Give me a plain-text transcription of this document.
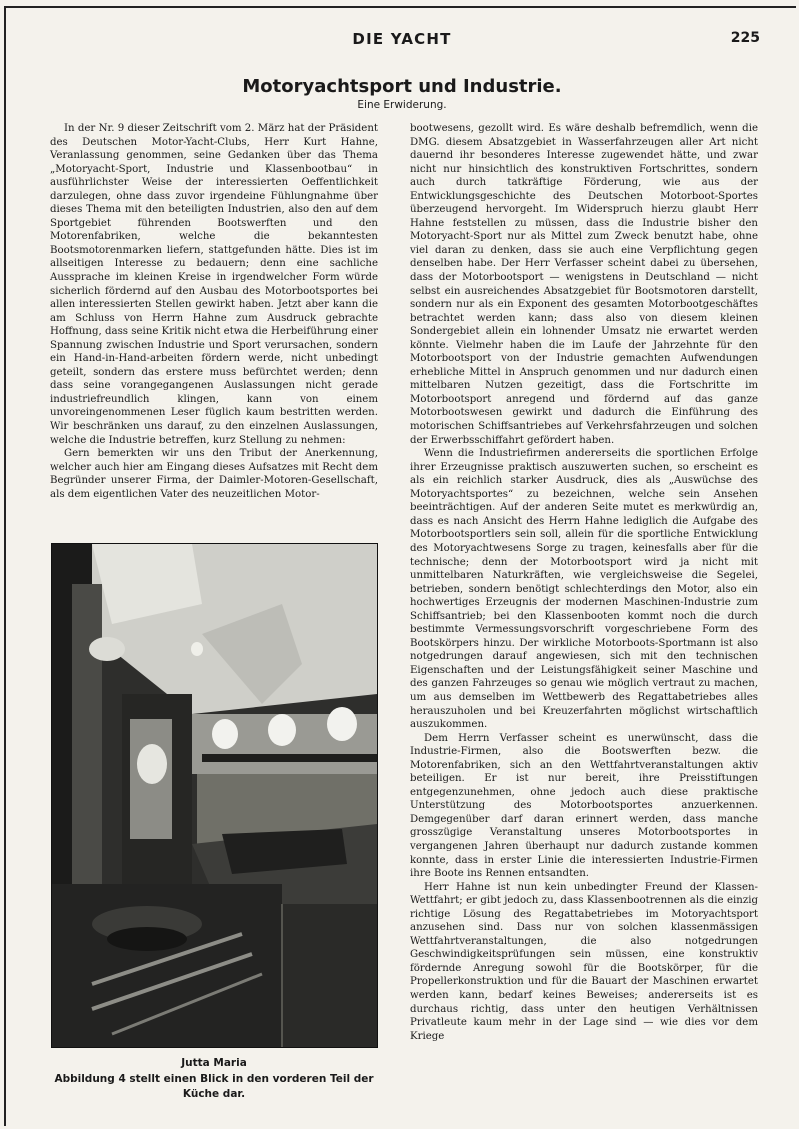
DIE YACHT	225
Motoryachtsport und Industrie.
Eine Erwiderung.

In der Nr. 9 dieser Zeitschrift vom 2. März hat der Präsident des Deutschen Motor-Yacht-Clubs, Herr Kurt Hahne, Veranlassung genommen, seine Gedanken über das Thema „Motoryacht-Sport, Industrie und Klassenbootbau“ in ausführlichster Weise der interessierten Oeffentlichkeit darzulegen, ohne dass zuvor irgendeine Fühlungnahme über dieses Thema mit den beteiligten Industrien, also den auf dem Sportgebiet führenden Bootswerften und den Motorenfabriken, welche die bekanntesten Bootsmotorenmarken liefern, stattgefunden hätte. Dies ist im allseitigen Interesse zu bedauern; denn eine sachliche Aussprache im kleinen Kreise in irgendwelcher Form würde sicherlich fördernd auf den Ausbau des Motorbootsportes bei allen interessierten Stellen gewirkt haben. Jetzt aber kann die am Schluss von Herrn Hahne zum Ausdruck gebrachte Hoffnung, dass seine Kritik nicht etwa die Herbeiführung einer Spannung zwischen Industrie und Sport verursachen, sondern ein Hand-in-Hand-arbeiten fördern werde, nicht unbedingt geteilt, sondern das erstere muss befürchtet werden; denn dass seine vorangegangenen Auslassungen nicht gerade industriefreundlich klingen, kann von einem unvoreingenommenen Leser füglich kaum bestritten werden. Wir beschränken uns darauf, zu den einzelnen Auslassungen, welche die Industrie betreffen, kurz Stellung zu nehmen:

Gern bemerkten wir uns den Tribut der Anerkennung, welcher auch hier am Eingang dieses Aufsatzes mit Recht dem Begründer unserer Firma, der Daimler-Motoren-Gesellschaft, als dem eigentlichen Vater des neuzeitlichen Motor-

Jutta Maria
Abbildung 4 stellt einen Blick in den vorderen Teil der Küche dar.

bootwesens, gezollt wird. Es wäre deshalb befremdlich, wenn die DMG. diesem Absatzgebiet in Wasserfahrzeugen aller Art nicht dauernd ihr besonderes Interesse zugewendet hätte, und zwar nicht nur hinsichtlich des konstruktiven Fortschrittes, sondern auch durch tatkräftige Förderung, wie aus der Entwicklungsgeschichte des Deutschen Motorboot-Sportes überzeugend hervorgeht. Im Widerspruch hierzu glaubt Herr Hahne feststellen zu müssen, dass die Industrie bisher den Motoryacht-Sport nur als Mittel zum Zweck benutzt habe, ohne viel daran zu denken, dass sie auch eine Verpflichtung gegen denselben habe. Der Herr Verfasser scheint dabei zu übersehen, dass der Motorbootsport — wenigstens in Deutschland — nicht selbst ein ausreichendes Absatzgebiet für Bootsmotoren darstellt, sondern nur als ein Exponent des gesamten Motorbootgeschäftes betrachtet werden kann; dass also von diesem kleinen Sondergebiet allein ein lohnender Umsatz nie erwartet werden könnte. Vielmehr haben die im Laufe der Jahrzehnte für den Motorbootsport von der Industrie gemachten Aufwendungen erhebliche Mittel in Anspruch genommen und nur dadurch einen mittelbaren Nutzen gezeitigt, dass die Fortschritte im Motorbootsport anregend und fördernd auf das ganze Motorbootswesen gewirkt und dadurch die Einführung des motorischen Schiffsantriebes auf Verkehrsfahrzeugen und solchen der Erwerbsschiffahrt gefördert haben.

Wenn die Industriefirmen andererseits die sportlichen Erfolge ihrer Erzeugnisse praktisch auszuwerten suchen, so erscheint es als ein reichlich starker Ausdruck, dies als „Auswüchse des Motoryachtsportes“ zu bezeichnen, welche sein Ansehen beeinträchtigen. Auf der anderen Seite mutet es merkwürdig an, dass es nach Ansicht des Herrn Hahne lediglich die Aufgabe des Motorbootsportlers sein soll, allein für die sportliche Entwicklung des Motoryachtwesens Sorge zu tragen, keinesfalls aber für die technische; denn der Motorbootsport wird ja nicht mit unmittelbaren Naturkräften, wie vergleichsweise die Segelei, betrieben, sondern benötigt schlechterdings den Motor, also ein hochwertiges Erzeugnis der modernen Maschinen-Industrie zum Schiffsantrieb; bei den Klassenbooten kommt noch die durch bestimmte Vermessungsvorschrift vorgeschriebene Form des Bootskörpers hinzu. Der wirkliche Motorboots-Sportmann ist also notgedrungen darauf angewiesen, sich mit den technischen Eigenschaften und der Leistungsfähigkeit seiner Maschine und des ganzen Fahrzeuges so genau wie möglich vertraut zu machen, um aus demselben im Wettbewerb des Regattabetriebes alles herauszuholen und bei Kreuzerfahrten möglichst wirtschaftlich auszukommen.

Dem Herrn Verfasser scheint es unerwünscht, dass die Industrie-Firmen, also die Bootswerften bezw. die Motorenfabriken, sich an den Wettfahrtveranstaltungen aktiv beteiligen. Er ist nur bereit, ihre Preisstiftungen entgegenzunehmen, ohne jedoch auch diese praktische Unterstützung des Motorbootsportes anzuerkennen. Demgegenüber darf daran erinnert werden, dass manche grosszügige Veranstaltung unseres Motorbootsportes in vergangenen Jahren überhaupt nur dadurch zustande kommen konnte, dass in erster Linie die interessierten Industrie-Firmen ihre Boote ins Rennen entsandten.

Herr Hahne ist nun kein unbedingter Freund der Klassen-Wettfahrt; er gibt jedoch zu, dass Klassenbootrennen als die einzig richtige Lösung des Regattabetriebes im Motoryachtsport anzusehen sind. Dass nur von solchen klassenmässigen Wettfahrtveranstaltungen, die also notgedrungen Geschwindigkeitsprüfungen sein müssen, eine konstruktiv fördernde Anregung sowohl für die Bootskörper, für die Propellerkonstruktion und für die Bauart der Maschinen erwartet werden kann, bedarf keines Beweises; andererseits ist es durchaus richtig, dass unter den heutigen Verhältnissen Privatleute kaum mehr in der Lage sind — wie dies vor dem Kriege
